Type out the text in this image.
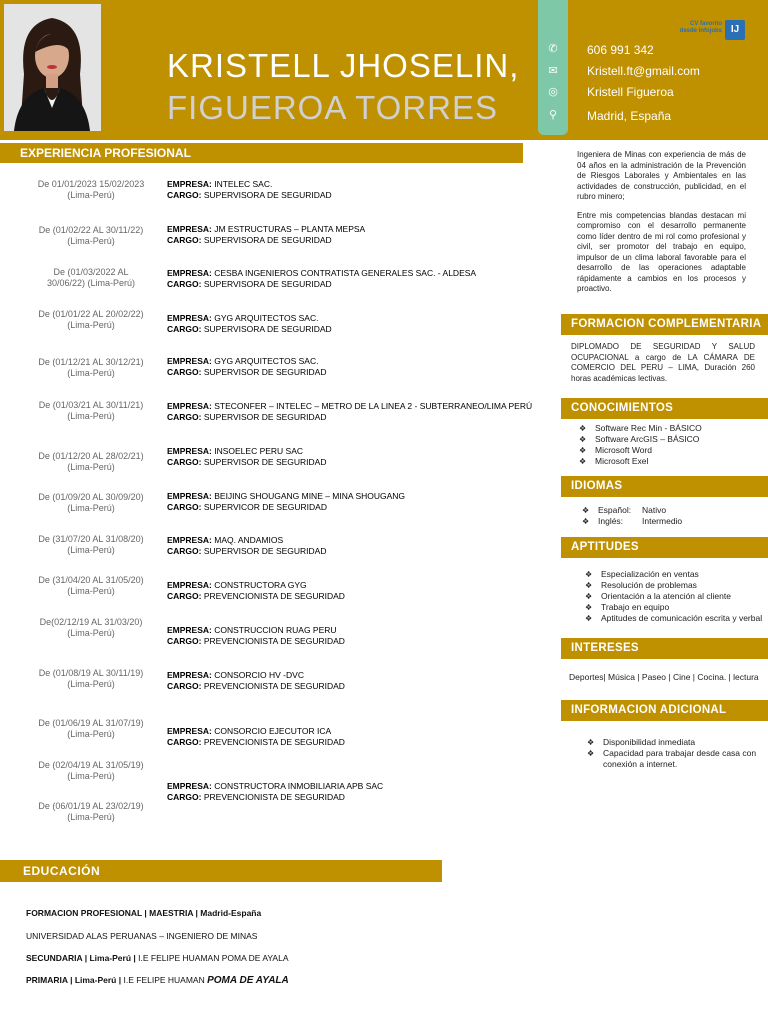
KRISTELL JHOSELIN,
FIGUEROA TORRES
✆
✉
◎
⚲
606 991 342
Kristell.ft@gmail.com
Kristell Figueroa
Madrid, España
CV favorito
desde Infojobs IJ
EXPERIENCIA PROFESIONAL
De 01/01/2023 15/02/2023
(Lima-Perú)
EMPRESA: INTELEC SAC.
CARGO: SUPERVISORA DE SEGURIDAD
De (01/02/22 AL 30/11/22)
(Lima-Perú)
EMPRESA: JM ESTRUCTURAS – PLANTA MEPSA
CARGO: SUPERVISORA DE SEGURIDAD
De (01/03/2022 AL
30/06/22) (Lima-Perú)
EMPRESA: CESBA INGENIEROS CONTRATISTA GENERALES SAC. - ALDESA
CARGO: SUPERVISORA DE SEGURIDAD
De (01/01/22 AL 20/02/22)
(Lima-Perú)
EMPRESA: GYG ARQUITECTOS SAC.
CARGO: SUPERVISORA DE SEGURIDAD
De (01/12/21 AL 30/12/21)
(Lima-Perú)
EMPRESA: GYG ARQUITECTOS SAC.
CARGO: SUPERVISOR DE SEGURIDAD
De (01/03/21 AL 30/11/21)
(Lima-Perú)
EMPRESA: STECONFER – INTELEC – METRO DE LA LINEA 2 - SUBTERRANEO/LIMA PERÚ
CARGO: SUPERVISOR DE SEGURIDAD
De (01/12/20 AL 28/02/21)
(Lima-Perú)
EMPRESA: INSOELEC PERU SAC
CARGO: SUPERVISOR DE SEGURIDAD
De (01/09/20 AL 30/09/20)
(Lima-Perú)
EMPRESA: BEIJING SHOUGANG MINE – MINA SHOUGANG
CARGO: SUPERVICOR DE SEGURIDAD
De (31/07/20 AL 31/08/20)
(Lima-Perú)
EMPRESA: MAQ. ANDAMIOS
CARGO: SUPERVISOR DE SEGURIDAD
De (31/04/20 AL 31/05/20)
(Lima-Perú)
EMPRESA: CONSTRUCTORA GYG
CARGO: PREVENCIONISTA DE SEGURIDAD
De(02/12/19 AL 31/03/20)
(Lima-Perú)	EMPRESA: CONSTRUCCION RUAG PERU
CARGO: PREVENCIONISTA DE SEGURIDAD
De (01/08/19 AL 30/11/19)
(Lima-Perú)
EMPRESA: CONSORCIO HV -DVC
CARGO: PREVENCIONISTA DE SEGURIDAD
De (01/06/19 AL 31/07/19)
(Lima-Perú)	EMPRESA: CONSORCIO EJECUTOR ICA
CARGO: PREVENCIONISTA DE SEGURIDAD
De (02/04/19 AL 31/05/19)
(Lima-Perú)
EMPRESA: CONSTRUCTORA INMOBILIARIA APB SAC
CARGO: PREVENCIONISTA DE SEGURIDAD
De (06/01/19 AL 23/02/19)
(Lima-Perú)
Ingeniera de Minas con experiencia de más de 04 años en la administración de la Prevención de Riesgos Laborales y Ambientales en las actividades de construcción, publicidad, en el rubro minero;
Entre mis competencias blandas destacan mi compromiso con el desarrollo permanente como líder dentro de mi rol como profesional y civil, ser promotor del trabajo en equipo, impulsor de un clima laboral favorable para el desarrollo de las operaciones adaptable rápidamente a cambios en los procesos y proactivo.
FORMACION COMPLEMENTARIA
DIPLOMADO DE SEGURIDAD Y SALUD OCUPACIONAL a cargo de LA CÁMARA DE COMERCIO DEL PERU – LIMA, Duración 260 horas académicas lectivas.
CONOCIMIENTOS
❖ Software Rec Min - BÁSICO
❖ Software ArcGIS – BÁSICO
❖ Microsoft Word
❖ Microsoft Exel
IDIOMAS
❖ Español: Nativo
❖ Inglés: Intermedio
APTITUDES
❖ Especialización en ventas
❖ Resolución de problemas
❖ Orientación a la atención al cliente
❖ Trabajo en equipo
❖ Aptitudes de comunicación escrita y verbal
INTERESES
Deportes| Música | Paseo | Cine | Cocina. | lectura
INFORMACION ADICIONAL
❖ Disponibilidad inmediata
❖ Capacidad para trabajar desde casa con
conexión a internet.
EDUCACIÓN
FORMACION PROFESIONAL | MAESTRIA | Madrid-España
UNIVERSIDAD ALAS PERUANAS – INGENIERO DE MINAS
SECUNDARIA | Lima-Perú | I.E FELIPE HUAMAN POMA DE AYALA
PRIMARIA | Lima-Perú | I.E FELIPE HUAMAN POMA DE AYALA
